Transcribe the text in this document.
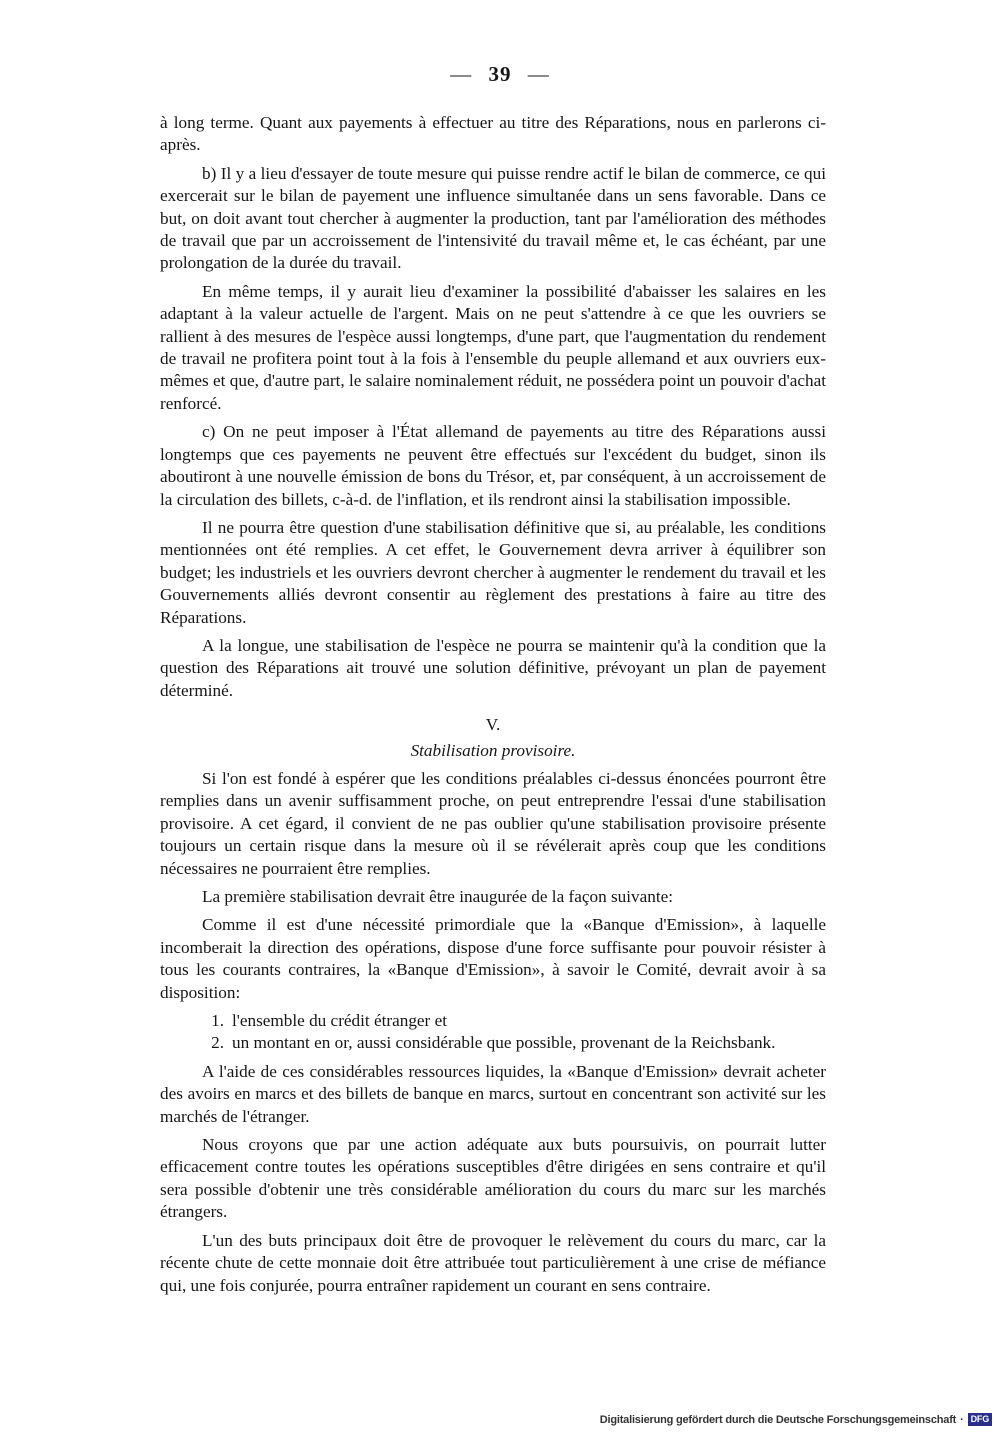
— 39 —

à long terme. Quant aux payements à effectuer au titre des Réparations, nous en parlerons ci-après.

b) Il y a lieu d'essayer de toute mesure qui puisse rendre actif le bilan de commerce, ce qui exercerait sur le bilan de payement une influence simultanée dans un sens favorable. Dans ce but, on doit avant tout chercher à augmenter la production, tant par l'amélioration des méthodes de travail que par un accroissement de l'intensivité du travail même et, le cas échéant, par une prolongation de la durée du travail.

En même temps, il y aurait lieu d'examiner la possibilité d'abaisser les salaires en les adaptant à la valeur actuelle de l'argent. Mais on ne peut s'attendre à ce que les ouvriers se rallient à des mesures de l'espèce aussi longtemps, d'une part, que l'augmentation du rendement de travail ne profitera point tout à la fois à l'ensemble du peuple allemand et aux ouvriers eux-mêmes et que, d'autre part, le salaire nominalement réduit, ne possédera point un pouvoir d'achat renforcé.

c) On ne peut imposer à l'État allemand de payements au titre des Réparations aussi longtemps que ces payements ne peuvent être effectués sur l'excédent du budget, sinon ils aboutiront à une nouvelle émission de bons du Trésor, et, par conséquent, à un accroissement de la circulation des billets, c-à-d. de l'inflation, et ils rendront ainsi la stabilisation impossible.

Il ne pourra être question d'une stabilisation définitive que si, au préalable, les conditions mentionnées ont été remplies. A cet effet, le Gouvernement devra arriver à équilibrer son budget; les industriels et les ouvriers devront chercher à augmenter le rendement du travail et les Gouvernements alliés devront consentir au règlement des prestations à faire au titre des Réparations.

A la longue, une stabilisation de l'espèce ne pourra se maintenir qu'à la condition que la question des Réparations ait trouvé une solution définitive, prévoyant un plan de payement déterminé.

V.
Stabilisation provisoire.

Si l'on est fondé à espérer que les conditions préalables ci-dessus énoncées pourront être remplies dans un avenir suffisamment proche, on peut entreprendre l'essai d'une stabilisation provisoire. A cet égard, il convient de ne pas oublier qu'une stabilisation provisoire présente toujours un certain risque dans la mesure où il se révélerait après coup que les conditions nécessaires ne pourraient être remplies.

La première stabilisation devrait être inaugurée de la façon suivante:

Comme il est d'une nécessité primordiale que la «Banque d'Emission», à laquelle incomberait la direction des opérations, dispose d'une force suffisante pour pouvoir résister à tous les courants contraires, la «Banque d'Emission», à savoir le Comité, devrait avoir à sa disposition:

1. l'ensemble du crédit étranger et
2. un montant en or, aussi considérable que possible, provenant de la Reichsbank.

A l'aide de ces considérables ressources liquides, la «Banque d'Emission» devrait acheter des avoirs en marcs et des billets de banque en marcs, surtout en concentrant son activité sur les marchés de l'étranger.

Nous croyons que par une action adéquate aux buts poursuivis, on pourrait lutter efficacement contre toutes les opérations susceptibles d'être dirigées en sens contraire et qu'il sera possible d'obtenir une très considérable amélioration du cours du marc sur les marchés étrangers.

L'un des buts principaux doit être de provoquer le relèvement du cours du marc, car la récente chute de cette monnaie doit être attribuée tout particulièrement à une crise de méfiance qui, une fois conjurée, pourra entraîner rapidement un courant en sens contraire.

Digitalisierung gefördert durch die Deutsche Forschungsgemeinschaft · DFG
